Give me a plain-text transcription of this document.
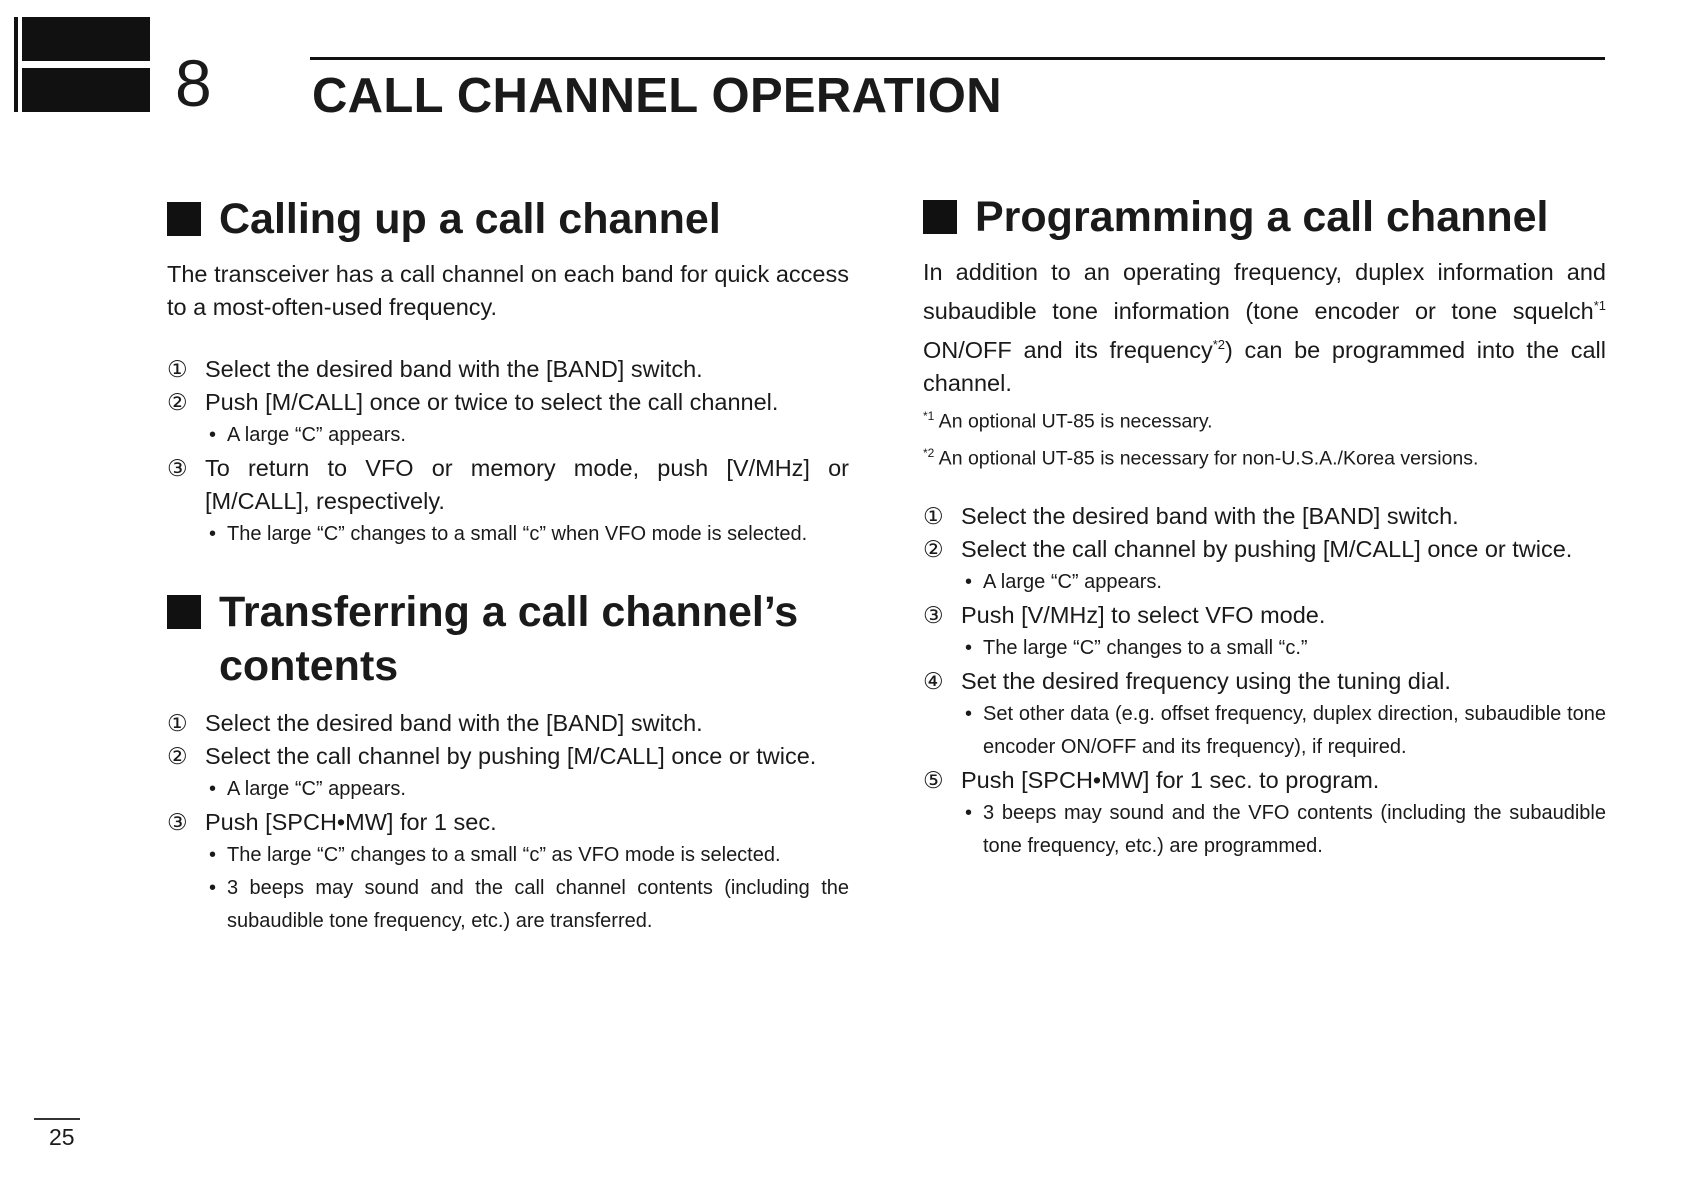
8 CALL CHANNEL OPERATION
Calling up a call channel
The transceiver has a call channel on each band for quick access to a most-often-used frequency.
① Select the desired band with the [BAND] switch.
② Push [M/CALL] once or twice to select the call channel.
• A large “C” appears.
③ To return to VFO or memory mode, push [V/MHz] or [M/CALL], respectively.
• The large “C” changes to a small “c” when VFO mode is selected.
Transferring a call channel’s
contents
① Select the desired band with the [BAND] switch.
② Select the call channel by pushing [M/CALL] once or twice.
• A large “C” appears.
③ Push [SPCH•MW] for 1 sec.
• The large “C” changes to a small “c” as VFO mode is selected.
• 3 beeps may sound and the call channel contents (including the subaudible tone frequency, etc.) are transferred.
Programming a call channel
In addition to an operating frequency, duplex information and subaudible tone information (tone encoder or tone squelch$^{*1}$ ON/OFF and its frequency$^{*2}$) can be programmed into the call channel.
$^{*1}$ An optional UT-85 is necessary.
$^{*2}$ An optional UT-85 is necessary for non-U.S.A./Korea versions.
① Select the desired band with the [BAND] switch.
② Select the call channel by pushing [M/CALL] once or twice.
• A large “C” appears.
③ Push [V/MHz] to select VFO mode.
• The large “C” changes to a small “c.”
④ Set the desired frequency using the tuning dial.
• Set other data (e.g. offset frequency, duplex direction, subaudible tone encoder ON/OFF and its frequency), if required.
⑤ Push [SPCH•MW] for 1 sec. to program.
• 3 beeps may sound and the VFO contents (including the subaudible tone frequency, etc.) are programmed.
25
